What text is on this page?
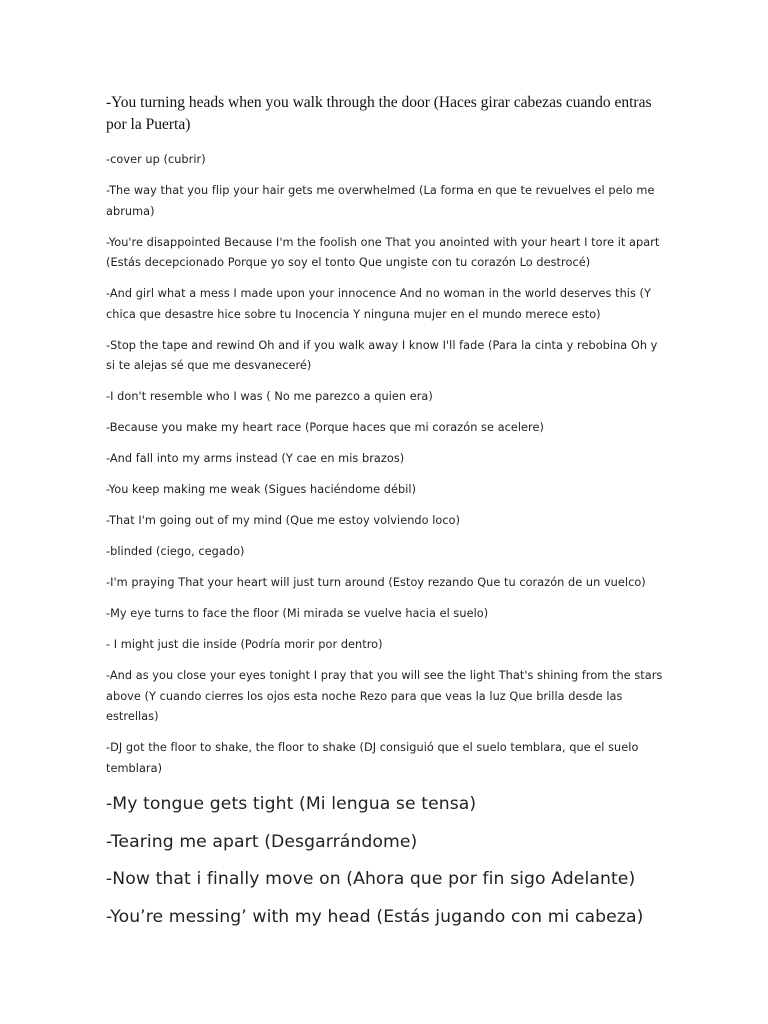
-You turning heads when you walk through the door (Haces girar cabezas cuando entras por la Puerta)

-cover up (cubrir)

-The way that you flip your hair gets me overwhelmed (La forma en que te revuelves el pelo me abruma)

-You're disappointed Because I'm the foolish one That you anointed with your heart I tore it apart (Estás decepcionado Porque yo soy el tonto Que ungiste con tu corazón Lo destrocé)

-And girl what a mess I made upon your innocence And no woman in the world deserves this (Y chica que desastre hice sobre tu Inocencia Y ninguna mujer en el mundo merece esto)

-Stop the tape and rewind Oh and if you walk away I know I'll fade (Para la cinta y rebobina Oh y si te alejas sé que me desvaneceré)

-I don't resemble who I was ( No me parezco a quien era)

-Because you make my heart race (Porque haces que mi corazón se acelere)

-And fall into my arms instead (Y cae en mis brazos)

-You keep making me weak (Sigues haciéndome débil)

-That I'm going out of my mind (Que me estoy volviendo loco)

-blinded (ciego, cegado)

-I'm praying That your heart will just turn around (Estoy rezando Que tu corazón de un vuelco)

-My eye turns to face the floor (Mi mirada se vuelve hacia el suelo)

- I might just die inside (Podría morir por dentro)

-And as you close your eyes tonight I pray that you will see the light That's shining from the stars above (Y cuando cierres los ojos esta noche Rezo para que veas la luz Que brilla desde las estrellas)

-DJ got the floor to shake, the floor to shake (DJ consiguió que el suelo temblara, que el suelo temblara)

-My tongue gets tight (Mi lengua se tensa)

-Tearing me apart (Desgarrándome)

-Now that i finally move on (Ahora que por fin sigo Adelante)

-You’re messing’ with my head (Estás jugando con mi cabeza)
